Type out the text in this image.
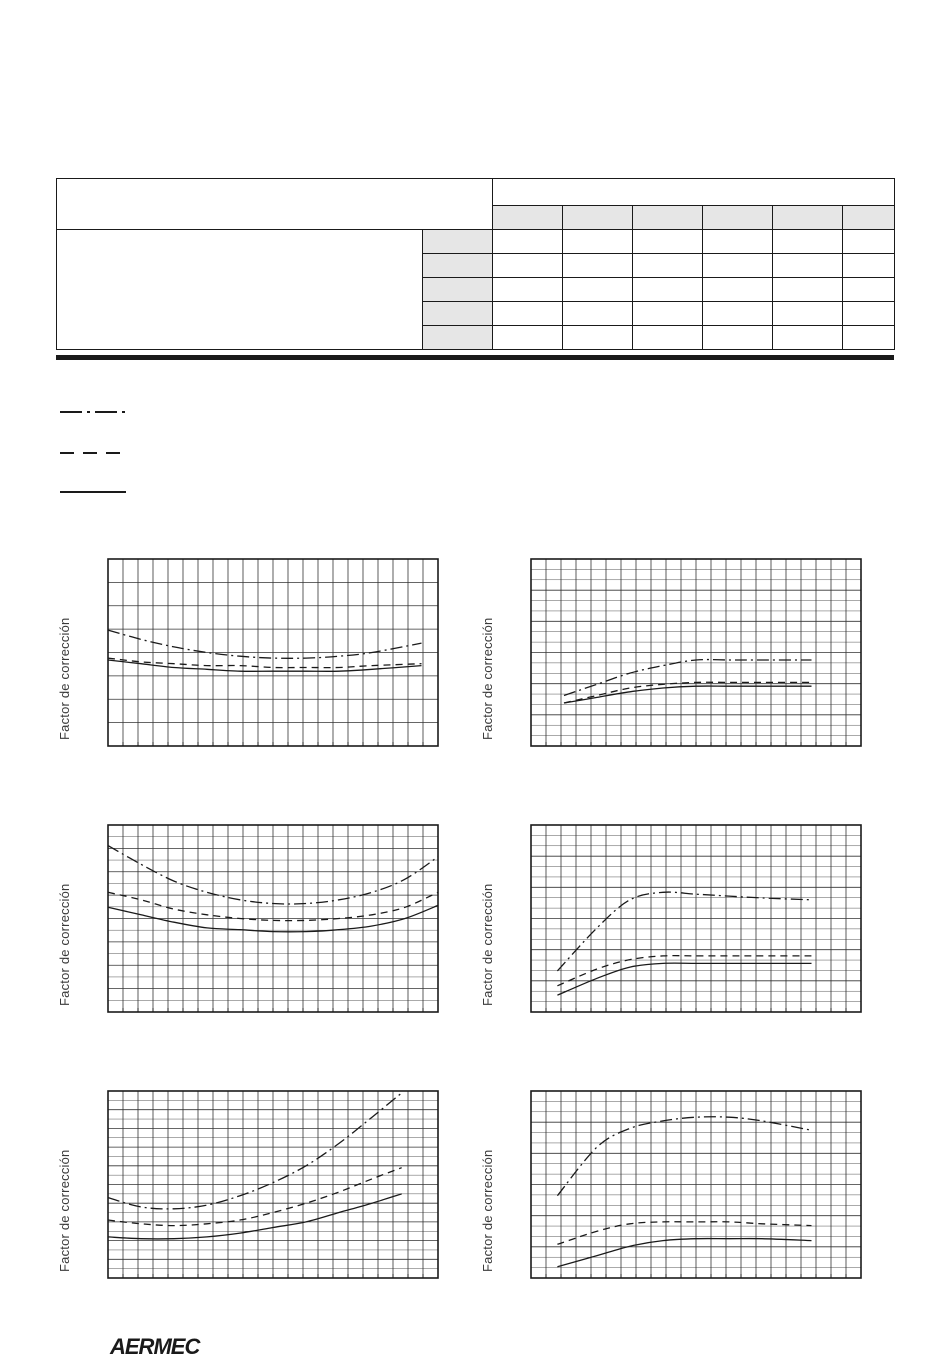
Factor de corrección	Factor de corrección
Factor de corrección	Factor de corrección
Factor de corrección	Factor de corrección
AERMEC
